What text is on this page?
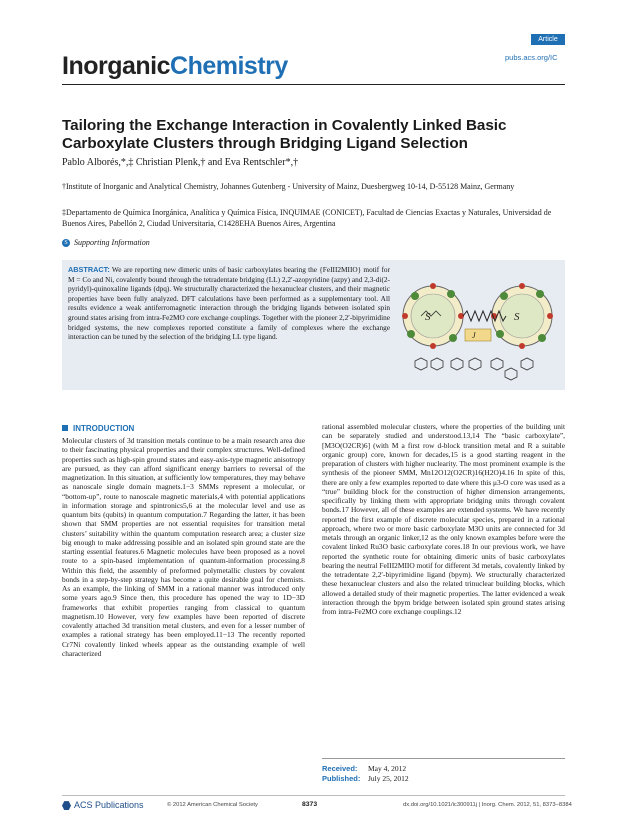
Article
InorganicChemistry	pubs.acs.org/IC
Tailoring the Exchange Interaction in Covalently Linked Basic Carboxylate Clusters through Bridging Ligand Selection
Pablo Alborés,*,‡ Christian Plenk,† and Eva Rentschler*,†
†Institute of Inorganic and Analytical Chemistry, Johannes Gutenberg - University of Mainz, Duesbergweg 10-14, D-55128 Mainz, Germany
‡Departamento de Química Inorgánica, Analítica y Química Física, INQUIMAE (CONICET), Facultad de Ciencias Exactas y Naturales, Universidad de Buenos Aires, Pabellón 2, Ciudad Universitaria, C1428EHA Buenos Aires, Argentina
S Supporting Information
ABSTRACT: We are reporting new dimeric units of basic carboxylates bearing the {FeIII2MIIO} motif for M = Co and Ni, covalently bound through the tetradentate bridging (LL) 2,2′-azopyridine (azpy) and 2,3-di(2-pyridyl)-quinoxaline ligands (dpq). We structurally characterized the hexanuclear clusters, and their magnetic properties have been fully analyzed. DFT calculations have been performed as a supplementary tool. All results evidence a weak antiferromagnetic interaction through the bridging ligands between isolated spin ground states arising from intra-Fe2MO core exchange couplings. Together with the pioneer 2,2′-bipyrimidine bridged systems, the new complexes reported constitute a family of complexes where the exchange interaction can be tuned by the selection of the bridging LL type ligand.
S	S
J
INTRODUCTION
Molecular clusters of 3d transition metals continue to be a main research area due to their fascinating physical properties and their complex structures. Well-defined properties such as high-spin ground states and easy-axis-type magnetic anisotropy are pursued, as they can afford significant energy barriers to reversal of the magnetization. In this situation, at sufficiently low temperatures, they may behave as nanoscale single domain magnets.1−3 SMMs represent a molecular, or “bottom-up”, route to nanoscale magnetic materials,4 with potential applications in information storage and spintronics5,6 at the molecular level and use as quantum bits (qubits) in quantum computation.7 Regarding the latter, it has been shown that SMM properties are not essential requisites for transition metal clusters’ suitability within the quantum computation research area; a cluster size big enough to make addressing possible and an isolated spin ground state are the starting essential features.6 Magnetic molecules have been proposed as a novel route to a spin-based implementation of quantum-information processing.8 Within this field, the assembly of preformed polymetallic clusters by covalent bonds in a step-by-step strategy has become a quite desirable goal for chemists. As an example, the linking of SMM in a rational manner was introduced only some years ago.9 Since then, this procedure has opened the way to 1D−3D frameworks that exhibit properties ranging from classical to quantum magnetism.10 However, very few examples have been reported of discrete covalently attached 3d transition metal clusters, and even for a lesser number of examples a rational strategy has been employed.11−13 The recently reported Cr7Ni covalently linked wheels appear as the outstanding example of well characterized
rational assembled molecular clusters, where the properties of the building unit can be separately studied and understood.13,14 The “basic carboxylate”, [M3O(O2CR)6] (with M a first row d-block transition metal and R a suitable organic group) core, known for decades,15 is a good starting reagent in the preparation of clusters with higher nuclearity. The most prominent example is the synthesis of the pioneer SMM, Mn12O12(O2CR)16(H2O)4.16 In spite of this, there are only a few examples reported to date where this μ3-O core was used as a “true” building block for the construction of higher dimension arrangements, specifically by linking them with appropriate bridging units through covalent bonds.17 However, all of these examples are extended systems. We have recently reported the first example of discrete molecular species, prepared in a rational approach, where two or more basic carboxylate M3O units are connected for 3d metals through an organic linker,12 as the only known examples before were the covalent linked Ru3O basic carboxylate cores.18 In our previous work, we have reported the synthetic route for obtaining dimeric units of basic carboxylates bearing the neutral FeIII2MIIO motif for different 3d metals, covalently linked by the tetradentate 2,2′-bipyrimidine ligand (bpym). We structurally characterized these hexanuclear clusters and also the related trinuclear building blocks, which allowed a detailed study of their magnetic properties. The latter evidenced a weak interaction through the bpym bridge between isolated spin ground states arising from intra-Fe2MO core exchange couplings.12
Received: May 4, 2012
Published: July 25, 2012
ACS Publications	© 2012 American Chemical Society	8373	dx.doi.org/10.1021/ic300911j | Inorg. Chem. 2012, 51, 8373−8384
